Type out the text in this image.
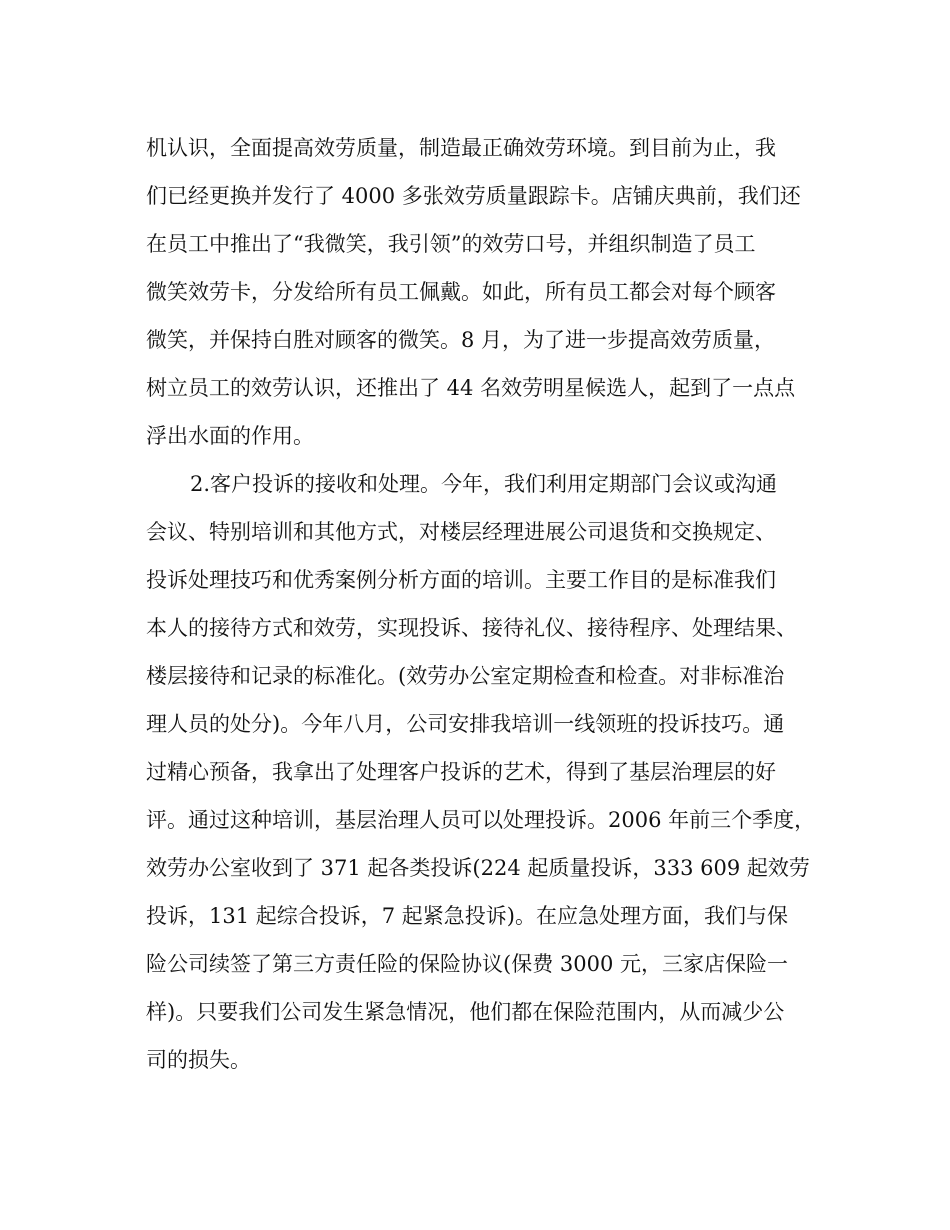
机认识，全面提高效劳质量，制造最正确效劳环境。到目前为止，我
们已经更换并发行了 4000 多张效劳质量跟踪卡。店铺庆典前，我们还
在员工中推出了“我微笑，我引领”的效劳口号，并组织制造了员工
微笑效劳卡，分发给所有员工佩戴。如此，所有员工都会对每个顾客
微笑，并保持白胜对顾客的微笑。8 月，为了进一步提高效劳质量，
树立员工的效劳认识，还推出了 44 名效劳明星候选人，起到了一点点
浮出水面的作用。
2.客户投诉的接收和处理。今年，我们利用定期部门会议或沟通
会议、特别培训和其他方式，对楼层经理进展公司退货和交换规定、
投诉处理技巧和优秀案例分析方面的培训。主要工作目的是标准我们
本人的接待方式和效劳，实现投诉、接待礼仪、接待程序、处理结果、
楼层接待和记录的标准化。(效劳办公室定期检查和检查。对非标准治
理人员的处分)。今年八月，公司安排我培训一线领班的投诉技巧。通
过精心预备，我拿出了处理客户投诉的艺术，得到了基层治理层的好
评。通过这种培训，基层治理人员可以处理投诉。2006 年前三个季度，
效劳办公室收到了 371 起各类投诉(224 起质量投诉，333 609 起效劳
投诉，131 起综合投诉，7 起紧急投诉)。在应急处理方面，我们与保
险公司续签了第三方责任险的保险协议(保费 3000 元，三家店保险一
样)。只要我们公司发生紧急情况，他们都在保险范围内，从而减少公
司的损失。
